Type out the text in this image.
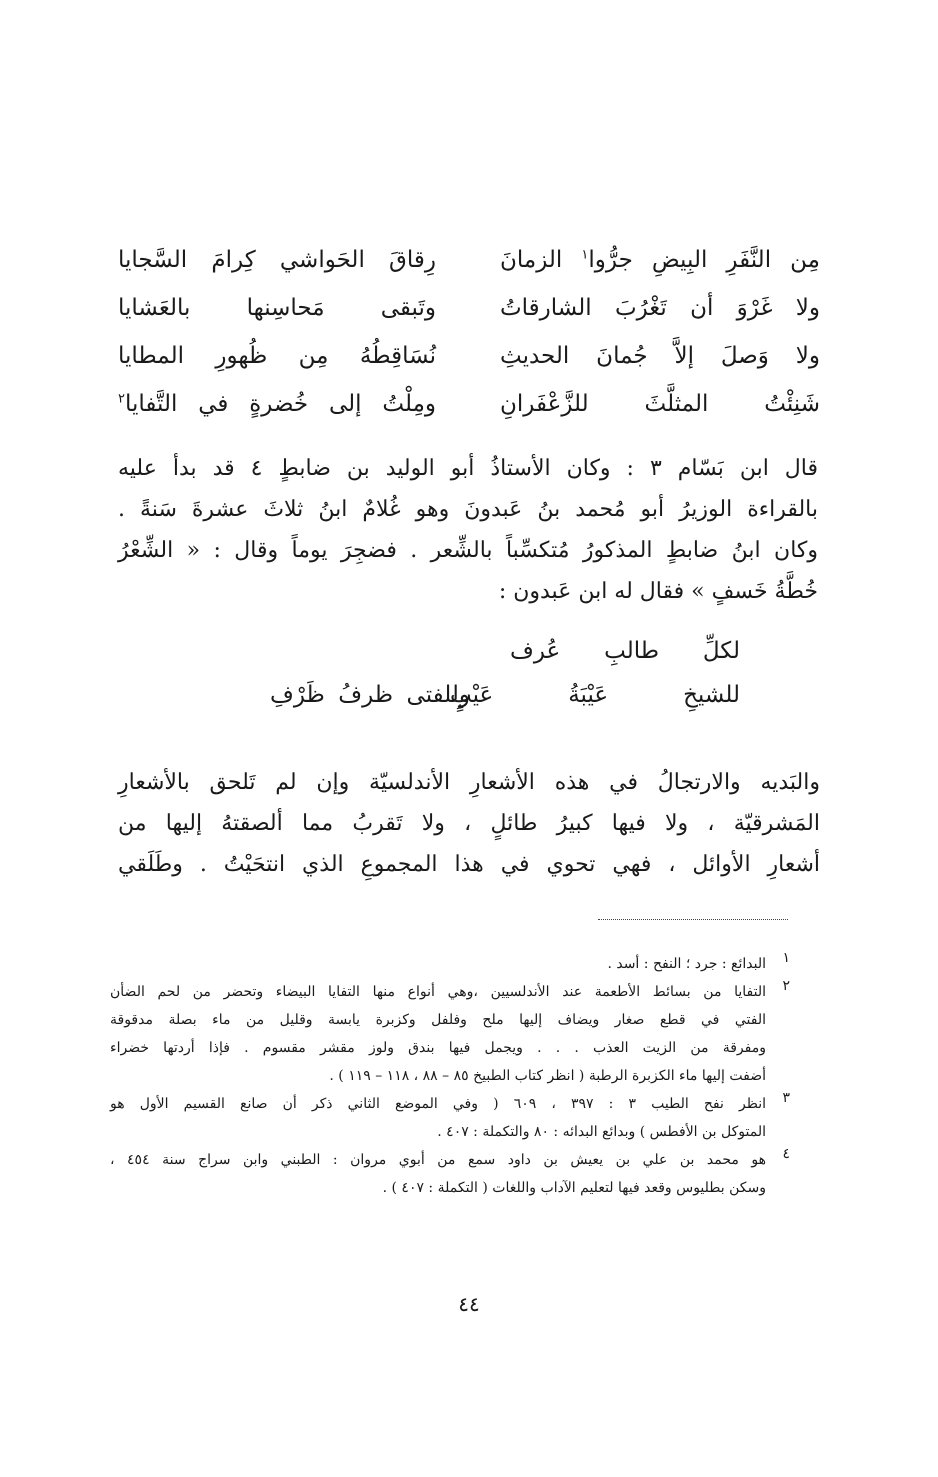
مِن النَّفَرِ البِيضِ جرُّوا$^١$ الزمانَ
رِقاقَ الحَواشي كِرامَ السَّجايا
ولا غَرْوَ أن تَغْرُبَ الشارقاتُ
وتَبقى مَحاسِنها بالعَشايا
ولا وَصلَ إلاَّ جُمانَ الحديثِ
نُسَاقِطُهُ مِن ظُهورِ المطايا
شَنِئْتُ المثلَّثَ للزَّعْفَرانِ
ومِلْتُ إلى خُضرةٍ في التَّفايا$^٢$
قال ابن بَسّام ٣ : وكان الأستاذُ أبو الوليد بن ضابطٍ ٤ قد بدأ عليه
بالقراءة الوزيرُ أبو مُحمد بنُ عَبدونَ وهو غُلامٌ ابنُ ثلاثَ عشرةَ سَنةً .
وكان ابنُ ضابطٍ المذكورُ مُتكسِّباً بالشِّعر . فضجِرَ يوماً وقال : « الشِّعْرُ
خُطَّةُ خَسفٍ » فقال له ابن عَبدون :
لكلِّ طالبِ عُرف
للشيخِ عَيْبَةُ عَيْبٍ
وللفتى ظرفُ ظَرْفِ
والبَديه والارتجالُ في هذه الأشعارِ الأندلسيّة وإن لم تَلحق بالأشعارِ
المَشرقيّة ، ولا فيها كبيرُ طائلٍ ، ولا تَقربُ مما ألصقتهُ إليها من
أشعارِ الأوائل ، فهي تحوي في هذا المجموعِ الذي انتحَيْتُ . وطَلَقي
١
البدائع : جرد ؛ النفح : أسد .
٢
التفايا من بسائط الأطعمة عند الأندلسيين ،وهي أنواع منها التفايا البيضاء وتحضر من لحم الضأن
الفتي في قطع صغار ويضاف إليها ملح وفلفل وكزبرة يابسة وقليل من ماء بصلة مدقوقة
ومفرقة من الزيت العذب . . . ويجمل فيها بندق ولوز مقشر مقسوم . فإذا أردتها خضراء
أضفت إليها ماء الكزبرة الرطبة ( انظر كتاب الطبيخ ٨٥ – ٨٨ ، ١١٨ – ١١٩ ) .
٣
انظر نفح الطيب ٣ : ٣٩٧ ، ٦٠٩ ( وفي الموضع الثاني ذكر أن صانع القسيم الأول هو
المتوكل بن الأفطس ) وبدائع البدائه : ٨٠ والتكملة : ٤٠٧ .
٤
هو محمد بن علي بن يعيش بن داود سمع من أبوي مروان : الطبني وابن سراج سنة ٤٥٤ ،
وسكن بطليوس وقعد فيها لتعليم الآداب واللغات ( التكملة : ٤٠٧ ) .
٤٤
